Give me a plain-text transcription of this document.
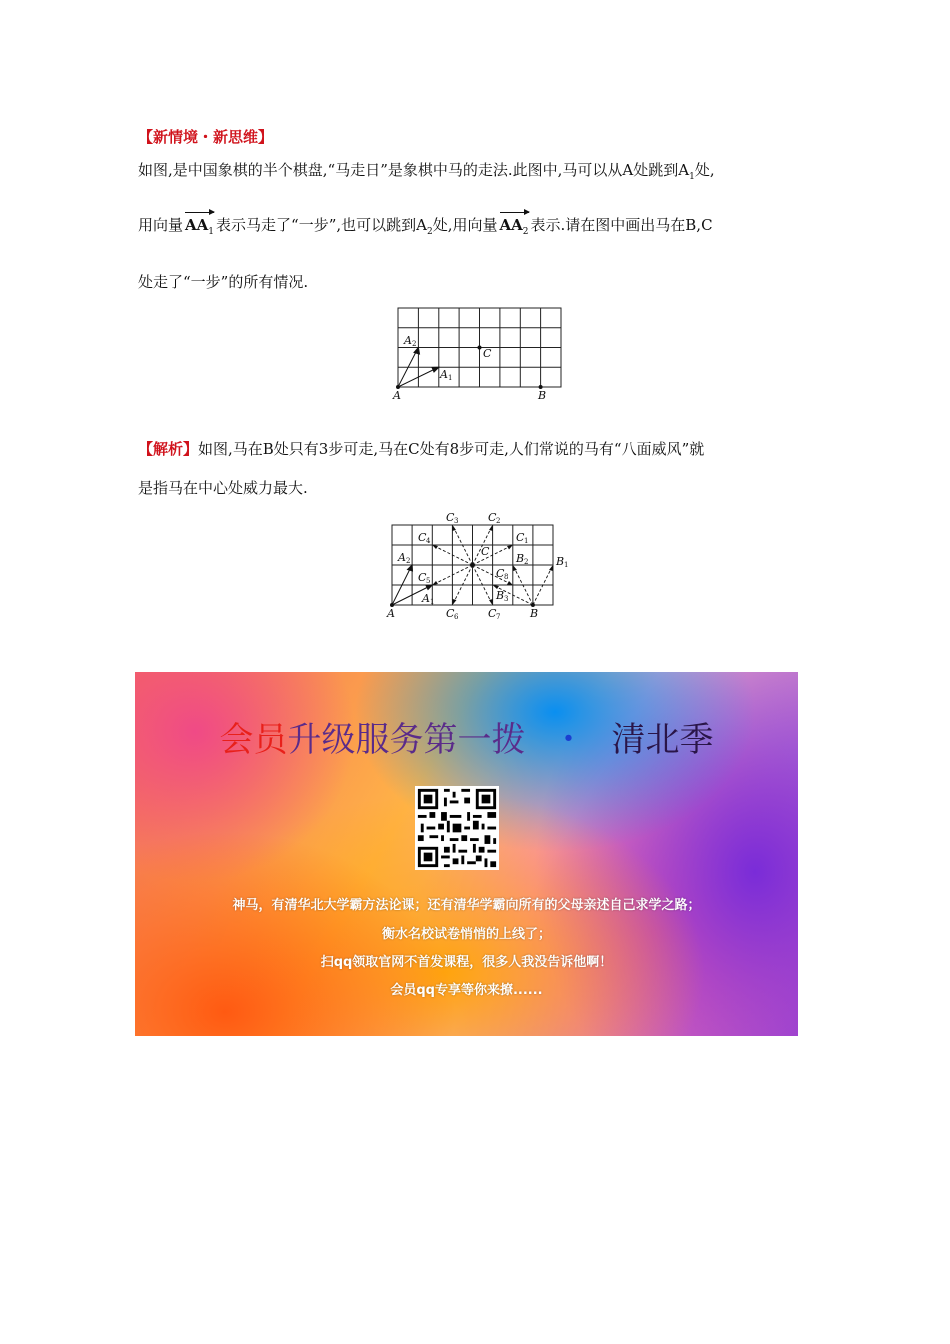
【新情境・新思维】
如图,是中国象棋的半个棋盘,“马走日”是象棋中马的走法.此图中,马可以从A处跳到$A_1$处,
用向量 $AA_1$ 表示马走了“一步”,也可以跳到$A_2$处,用向量 $AA_2$ 表示.请在图中画出马在B,C
处走了“一步”的所有情况.
A	B
C
A 1
A 2
【解析】如图,马在B处只有3步可走,马在C处有8步可走,人们常说的马有“八面威风”就
是指马在中心处威力最大.
A	B
C
A 1
A 2	B 1
B 2
B 3
C 1
C 2
C 3
C 4
C 5
C 6	C 7
C 8
会员升级服务第一拨 ・ 清北季
神马，有清华北大学霸方法论课；还有清华学霸向所有的父母亲述自己求学之路；
衡水名校试卷悄悄的上线了；
扫qq领取官网不首发课程，很多人我没告诉他啊！
会员qq专享等你来撩......
